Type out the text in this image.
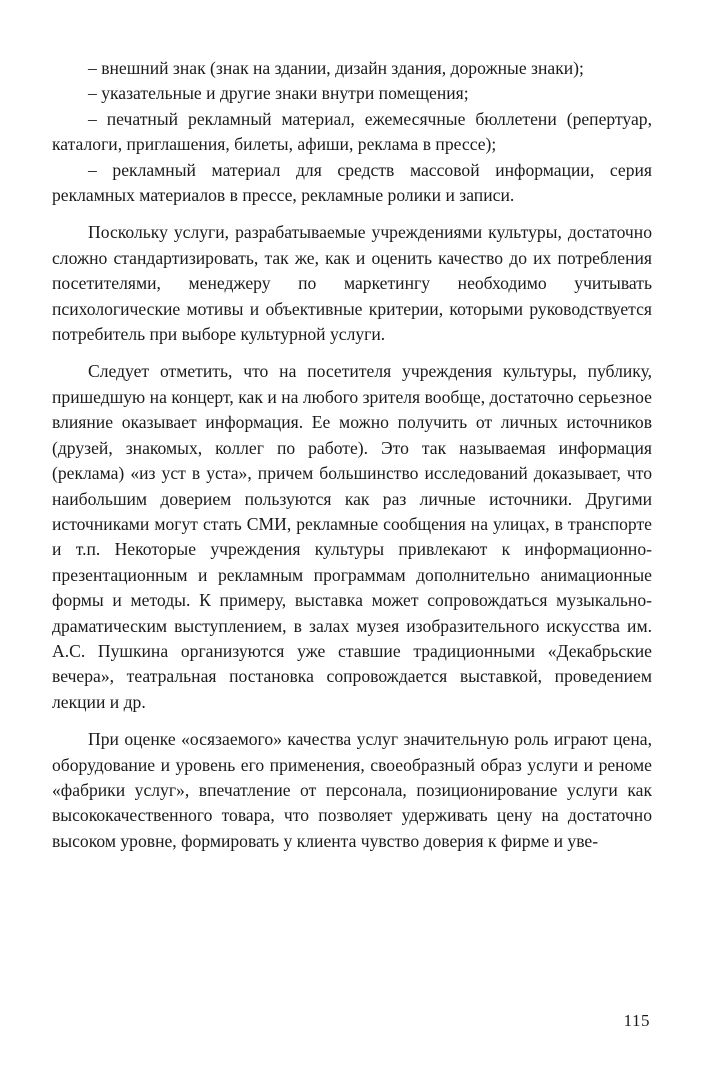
– внешний знак (знак на здании, дизайн здания, дорожные знаки);

– указательные и другие знаки внутри помещения;

– печатный рекламный материал, ежемесячные бюллетени (репертуар, каталоги, приглашения, билеты, афиши, реклама в прессе);

– рекламный материал для средств массовой информации, серия рекламных материалов в прессе, рекламные ролики и записи.

Поскольку услуги, разрабатываемые учреждениями культуры, достаточно сложно стандартизировать, так же, как и оценить качество до их потребления посетителями, менеджеру по маркетингу необходимо учитывать психологические мотивы и объективные критерии, которыми руководствуется потребитель при выборе культурной услуги.

Следует отметить, что на посетителя учреждения культуры, публику, пришедшую на концерт, как и на любого зрителя вообще, достаточно серьезное влияние оказывает информация. Ее можно получить от личных источников (друзей, знакомых, коллег по работе). Это так называемая информация (реклама) «из уст в уста», причем большинство исследований доказывает, что наибольшим доверием пользуются как раз личные источники. Другими источниками могут стать СМИ, рекламные сообщения на улицах, в транспорте и т.п. Некоторые учреждения культуры привлекают к информационно-презентационным и рекламным программам дополнительно анимационные формы и методы. К примеру, выставка может сопровождаться музыкально-драматическим выступлением, в залах музея изобразительного искусства им. А.С. Пушкина организуются уже ставшие традиционными «Декабрьские вечера», театральная постановка сопровождается выставкой, проведением лекции и др.

При оценке «осязаемого» качества услуг значительную роль играют цена, оборудование и уровень его применения, своеобразный образ услуги и реноме «фабрики услуг», впечатление от персонала, позиционирование услуги как высококачественного товара, что позволяет удерживать цену на достаточно высоком уровне, формировать у клиента чувство доверия к фирме и уве-

115
